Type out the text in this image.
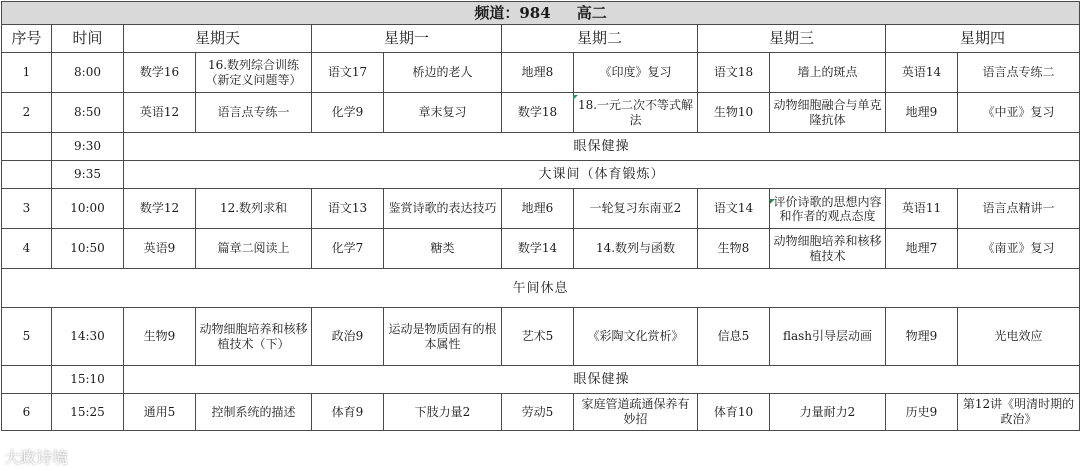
频道：984 高二											
序号	时间	星期天		星期一		星期二		星期三		星期四	
1	8:00	数学16	16.数列综合训练（新定义问题等）	语文17	桥边的老人	地理8	《印度》复习	语文18	墙上的斑点	英语14	语言点专练二
2	8:50	英语12	语言点专练一	化学9	章末复习	数学18	18.一元二次不等式解法	生物10	动物细胞融合与单克隆抗体	地理9	《中亚》复习
	9:30	眼保健操									
	9:35	大课间（体育锻炼）									
3	10:00	数学12	12.数列求和	语文13	鉴赏诗歌的表达技巧	地理6	一轮复习东南亚2	语文14	评价诗歌的思想内容和作者的观点态度	英语11	语言点精讲一
4	10:50	英语9	篇章二阅读上	化学7	糖类	数学14	14.数列与函数	生物8	动物细胞培养和核移植技术	地理7	《南亚》复习
午间休息											
5	14:30	生物9	动物细胞培养和核移植技术（下）	政治9	运动是物质固有的根本属性	艺术5	《彩陶文化赏析》	信息5	flash引导层动画	物理9	光电效应
	15:10	眼保健操									
6	15:25	通用5	控制系统的描述	体育9	下肢力量2	劳动5	家庭管道疏通保养有妙招	体育10	力量耐力2	历史9	第12讲《明清时期的政治》
大政诗境
